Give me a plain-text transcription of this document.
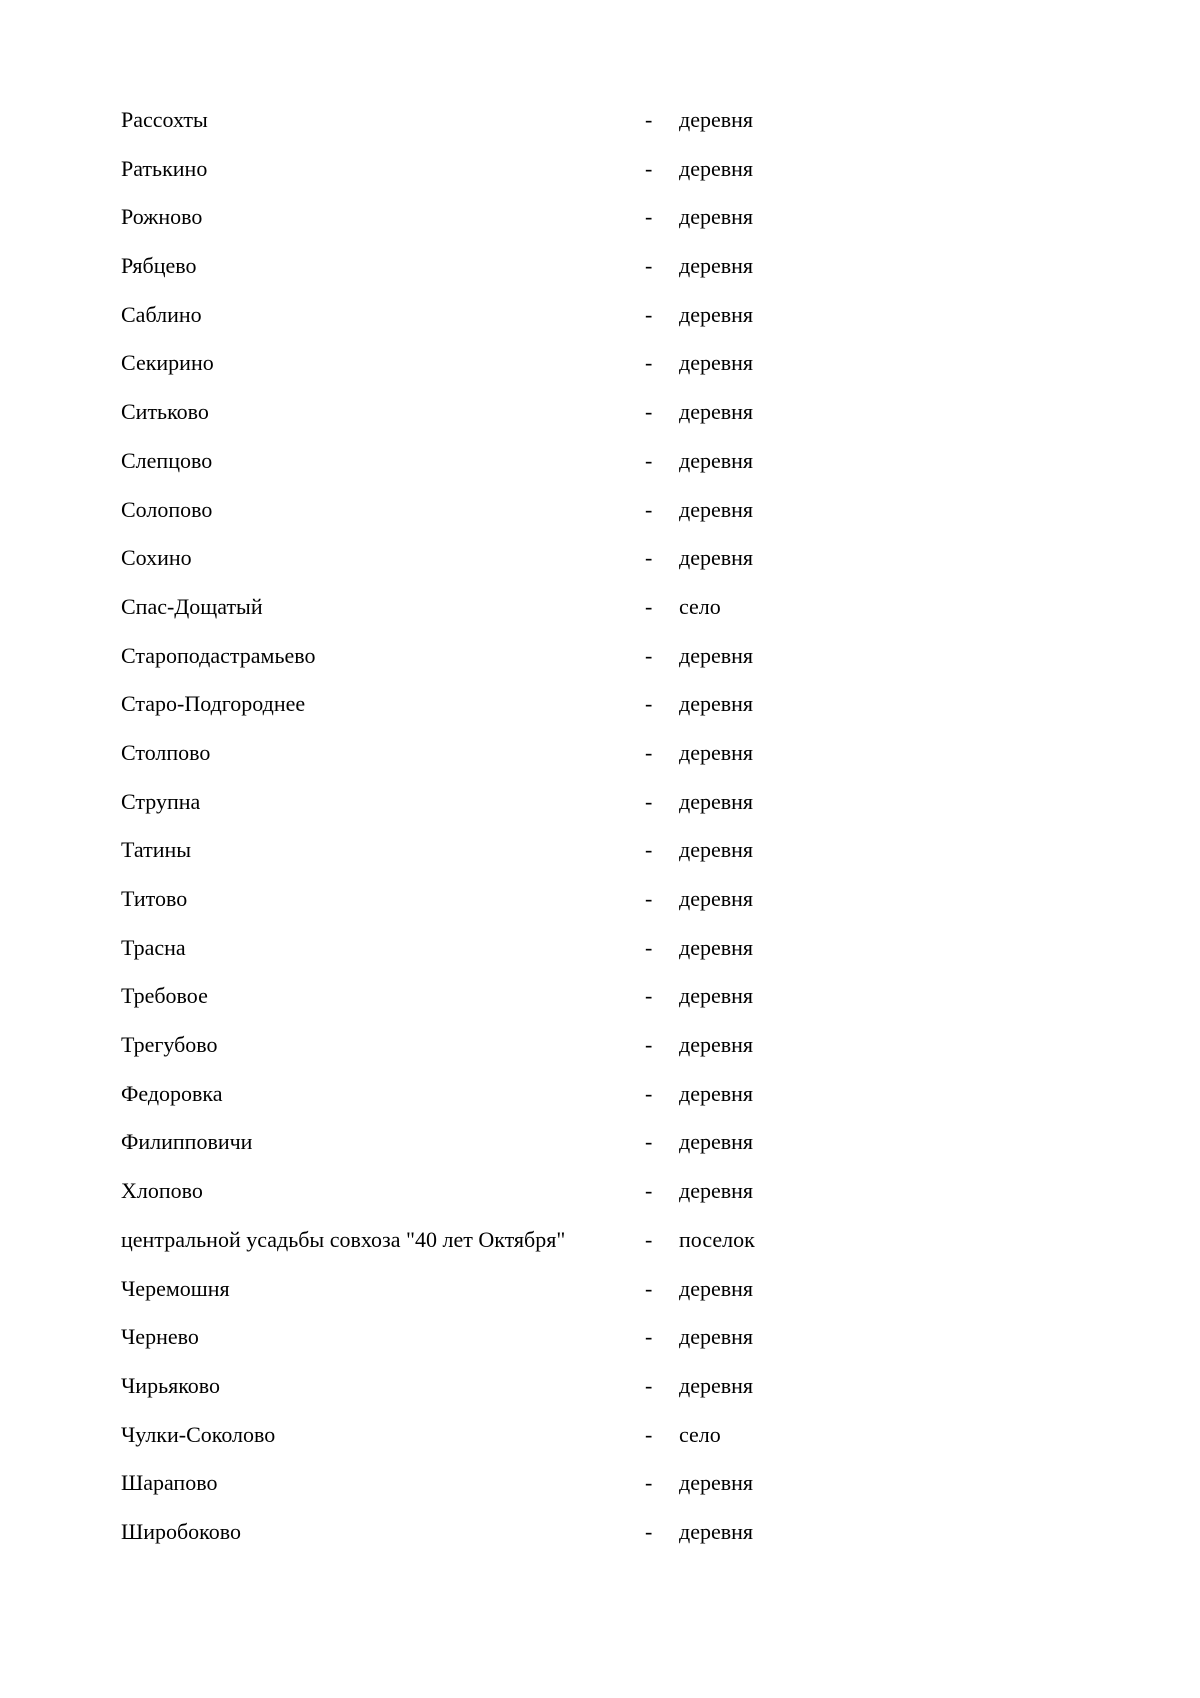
Рассохты	- деревня
Ратькино	- деревня
Рожново	- деревня
Рябцево	- деревня
Саблино	- деревня
Секирино	- деревня
Ситьково	- деревня
Слепцово	- деревня
Солопово	- деревня
Сохино	- деревня
Спас-Дощатый	- село
Староподастрамьево	- деревня
Старо-Подгороднее	- деревня
Столпово	- деревня
Струпна	- деревня
Татины	- деревня
Титово	- деревня
Трасна	- деревня
Требовое	- деревня
Трегубово	- деревня
Федоровка	- деревня
Филипповичи	- деревня
Хлопово	- деревня
центральной усадьбы совхоза "40 лет Октября"	- поселок
Черемошня	- деревня
Чернево	- деревня
Чирьяково	- деревня
Чулки-Соколово	- село
Шарапово	- деревня
Широбоково	- деревня
